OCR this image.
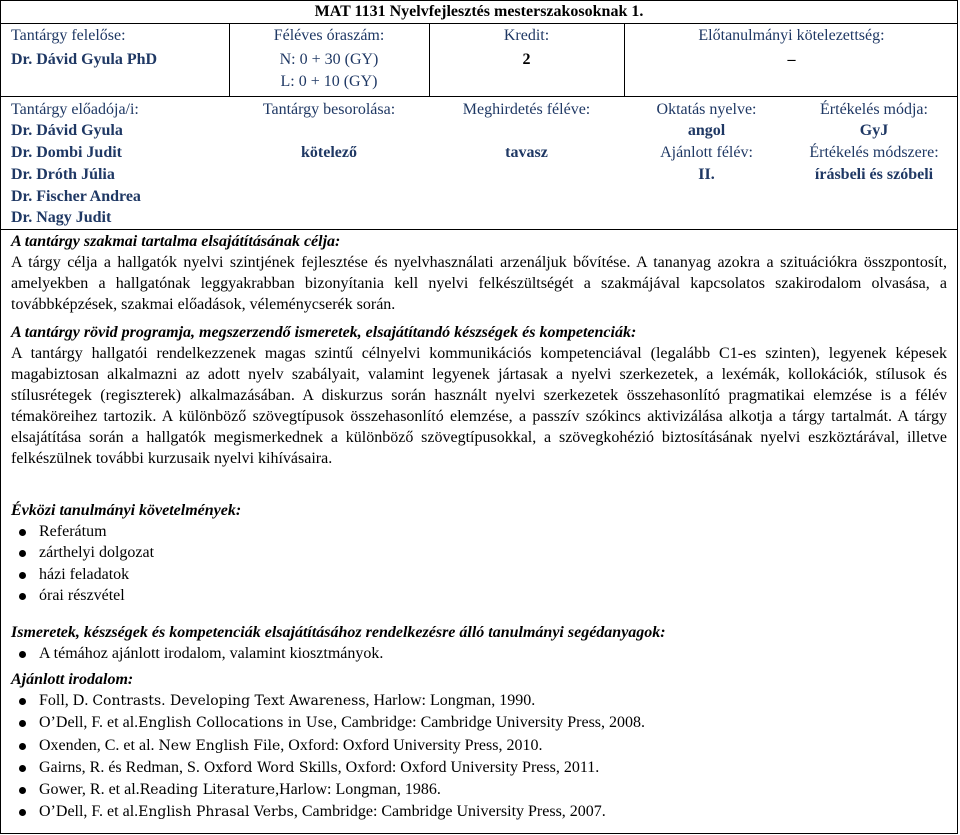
MAT 1131 Nyelvfejlesztés mesterszakosoknak 1.
Tantárgy felelőse:
Dr. Dávid Gyula PhD
Féléves óraszám:
N: 0 + 30 (GY)
L: 0 + 10 (GY)
Kredit:
2
Előtanulmányi kötelezettség:
–
Tantárgy előadója/i:
Dr. Dávid Gyula
Dr. Dombi Judit
Dr. Dróth Júlia
Dr. Fischer Andrea
Dr. Nagy Judit
Tantárgy besorolása:
kötelező
Meghirdetés féléve:
tavasz
Oktatás nyelve:
angol
Ajánlott félév:
II.
Értékelés módja:
GyJ
Értékelés módszere:
írásbeli és szóbeli
A tantárgy szakmai tartalma elsajátításának célja:
A tárgy célja a hallgatók nyelvi szintjének fejlesztése és nyelvhasználati arzenáljuk bővítése. A tananyag azokra a szituációkra összpontosít, amelyekben a hallgatónak leggyakrabban bizonyítania kell nyelvi felkészültségét a szakmájával kapcsolatos szakirodalom olvasása, a továbbképzések, szakmai előadások, véleménycserék során.
A tantárgy rövid programja, megszerzendő ismeretek, elsajátítandó készségek és kompetenciák:
A tantárgy hallgatói rendelkezzenek magas szintű célnyelvi kommunikációs kompetenciával (legalább C1-es szinten), legyenek képesek magabiztosan alkalmazni az adott nyelv szabályait, valamint legyenek jártasak a nyelvi szerkezetek, a lexémák, kollokációk, stílusok és stílusrétegek (regiszterek) alkalmazásában. A diskurzus során használt nyelvi szerkezetek összehasonlító pragmatikai elemzése is a félév témaköreihez tartozik. A különböző szövegtípusok összehasonlító elemzése, a passzív szókincs aktivizálása alkotja a tárgy tartalmát. A tárgy elsajátítása során a hallgatók megismerkednek a különböző szövegtípusokkal, a szövegkohézió biztosításának nyelvi eszköztárával, illetve felkészülnek további kurzusaik nyelvi kihívásaira.
Évközi tanulmányi követelmények:
Referátum
zárthelyi dolgozat
házi feladatok
órai részvétel
Ismeretek, készségek és kompetenciák elsajátításához rendelkezésre álló tanulmányi segédanyagok:
A témához ajánlott irodalom, valamint kiosztmányok.
Ajánlott irodalom:
Foll, D. Contrasts. Developing Text Awareness, Harlow: Longman, 1990.
O’Dell, F. et al.English Collocations in Use, Cambridge: Cambridge University Press, 2008.
Oxenden, C. et al. New English File, Oxford: Oxford University Press, 2010.
Gairns, R. és Redman, S. Oxford Word Skills, Oxford: Oxford University Press, 2011.
Gower, R. et al.Reading Literature,Harlow: Longman, 1986.
O’Dell, F. et al.English Phrasal Verbs, Cambridge: Cambridge University Press, 2007.
